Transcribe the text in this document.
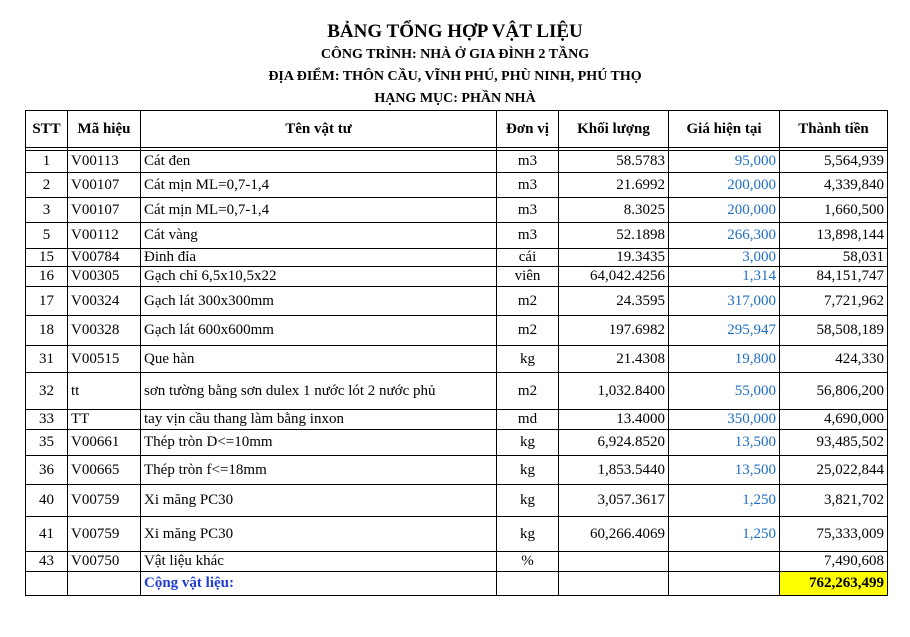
BẢNG TỔNG HỢP VẬT LIỆU
CÔNG TRÌNH: NHÀ Ở GIA ĐÌNH 2 TẦNG
ĐỊA ĐIỂM: THÔN CẦU, VĨNH PHÚ, PHÙ NINH, PHÚ THỌ
HẠNG MỤC: PHẦN NHÀ
STT	Mã hiệu	Tên vật tư	Đơn vị	Khối lượng	Giá hiện tại	Thành tiền

1	V00113	Cát đen	m3	58.5783	95,000	5,564,939
2	V00107	Cát mịn ML=0,7-1,4	m3	21.6992	200,000	4,339,840
3	V00107	Cát mịn ML=0,7-1,4	m3	8.3025	200,000	1,660,500
5	V00112	Cát vàng	m3	52.1898	266,300	13,898,144
15	V00784	Đinh đỉa	cái	19.3435	3,000	58,031
16	V00305	Gạch chỉ 6,5x10,5x22	viên	64,042.4256	1,314	84,151,747
17	V00324	Gạch lát 300x300mm	m2	24.3595	317,000	7,721,962
18	V00328	Gạch lát 600x600mm	m2	197.6982	295,947	58,508,189
31	V00515	Que hàn	kg	21.4308	19,800	424,330
32	tt	sơn tường bằng sơn dulex 1 nước lót 2 nước phủ	m2	1,032.8400	55,000	56,806,200
33	TT	tay vịn cầu thang làm bằng inxon	md	13.4000	350,000	4,690,000
35	V00661	Thép tròn D<=10mm	kg	6,924.8520	13,500	93,485,502
36	V00665	Thép tròn f<=18mm	kg	1,853.5440	13,500	25,022,844
40	V00759	Xi măng PC30	kg	3,057.3617	1,250	3,821,702
41	V00759	Xi măng PC30	kg	60,266.4069	1,250	75,333,009
43	V00750	Vật liệu khác	%			7,490,608
		Cộng vật liệu:				762,263,499
